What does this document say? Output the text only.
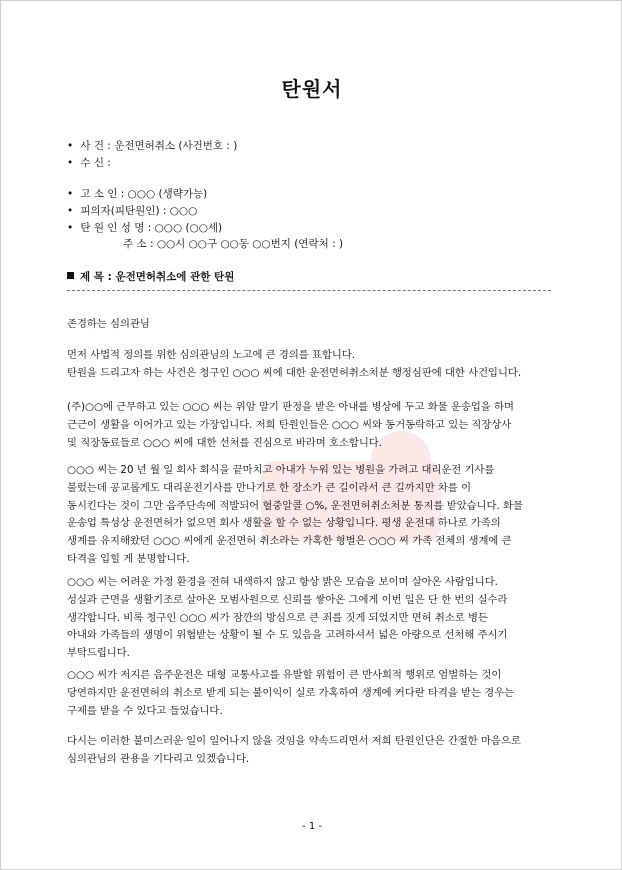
탄원서
• 사 건 : 운전면허취소 (사건번호 : )
• 수 신 :
• 고 소 인 : ○○○ (생략가능)
• 피의자(피탄원인) : ○○○
• 탄 원 인 성 명 : ○○○ (○○세)
주 소 : ○○시 ○○구 ○○동 ○○번지 (연락처 : )
제 목 : 운전면허취소에 관한 탄원

존경하는 심의관님

먼저 사법적 정의를 위한 심의관님의 노고에 큰 경의를 표합니다.
탄원을 드리고자 하는 사건은 청구인 ○○○ 씨에 대한 운전면허취소처분 행정심판에 대한 사건입니다.
(주)○○에 근무하고 있는 ○○○ 씨는 위암 말기 판정을 받은 아내를 병상에 두고 화물 운송업을 하며
근근이 생활을 이어가고 있는 가장입니다. 저희 탄원인들은 ○○○ 씨와 동거동락하고 있는 직장상사
및 직장동료들로 ○○○ 씨에 대한 선처를 진심으로 바라며 호소합니다.
○○○ 씨는 20 년 월 일 회사 회식을 끝마치고 아내가 누워 있는 병원을 가려고 대리운전 기사를
불렀는데 공교롭게도 대리운전기사를 만나기로 한 장소가 큰 길이라서 큰 길까지만 차를 이
동시킨다는 것이 그만 음주단속에 적발되어 혈중알콜 ○%, 운전면허취소처분 통지를 받았습니다. 화물
운송업 특성상 운전면허가 없으면 회사 생활을 할 수 없는 상황입니다. 평생 운전대 하나로 가족의
생계를 유지해왔던 ○○○ 씨에게 운전면허 취소라는 가혹한 형벌은 ○○○ 씨 가족 전체의 생계에 큰
타격을 입힐 게 분명합니다.
○○○ 씨는 어려운 가정 환경을 전혀 내색하지 않고 항상 밝은 모습을 보이며 살아온 사람입니다.
성실과 근면을 생활기조로 살아온 모범사원으로 신뢰를 쌓아온 그에게 이번 일은 단 한 번의 실수라
생각합니다. 비록 청구인 ○○○ 씨가 잠깐의 방심으로 큰 죄를 짓게 되었지만 면허 취소로 병든
아내와 가족들의 생명이 위협받는 상황이 될 수 도 있음을 고려하셔서 넓은 아량으로 선처해 주시기
부탁드립니다.
○○○ 씨가 저지른 음주운전은 대형 교통사고를 유발할 위험이 큰 반사회적 행위로 엄벌하는 것이
당연하지만 운전면허의 취소로 받게 되는 불이익이 실로 가혹하여 생계에 커다란 타격을 받는 경우는
구제를 받을 수 있다고 들었습니다.
다시는 이러한 불미스러운 일이 일어나지 않을 것임을 약속드리면서 저희 탄원인단은 간절한 마음으로
심의관님의 관용을 기다리고 있겠습니다.
- 1 -
